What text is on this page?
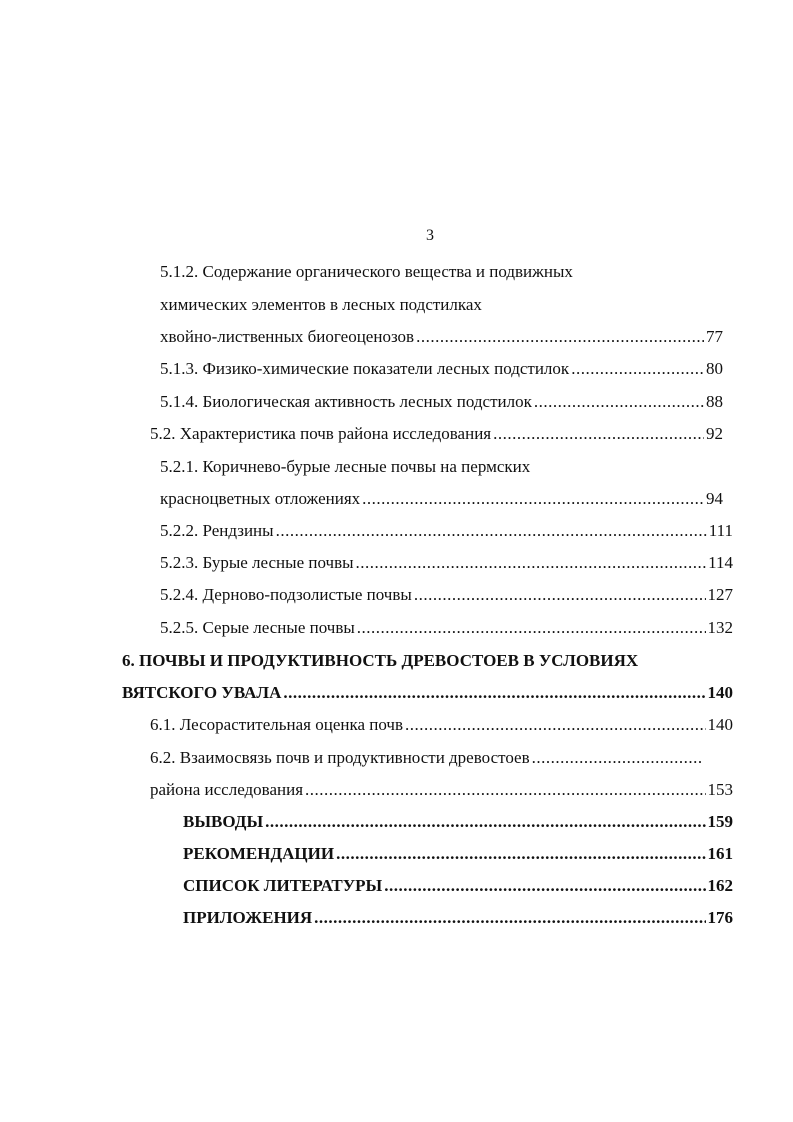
3
5.1.2. Содержание органического вещества и подвижных
химических элементов в лесных подстилках
хвойно-лиственных биогеоценозов .....	77
5.1.3. Физико-химические показатели лесных подстилок .....	80
5.1.4. Биологическая активность лесных подстилок .....	88
5.2. Характеристика почв района исследования .....	92
5.2.1. Коричнево-бурые лесные почвы на пермских
красноцветных отложениях .....	94
5.2.2. Рендзины .....	111
5.2.3. Бурые лесные почвы .....	114
5.2.4. Дерново-подзолистые почвы .....	127
5.2.5. Серые лесные почвы .....	132
6. ПОЧВЫ И ПРОДУКТИВНОСТЬ ДРЕВОСТОЕВ В УСЛОВИЯХ
ВЯТСКОГО УВАЛА .....	140
6.1. Лесорастительная оценка почв .....	140
6.2. Взаимосвязь почв и продуктивности древостоев
.....
района исследования .....	153
ВЫВОДЫ .....	159
РЕКОМЕНДАЦИИ .....	161
СПИСОК ЛИТЕРАТУРЫ .....	162
ПРИЛОЖЕНИЯ .....	176
